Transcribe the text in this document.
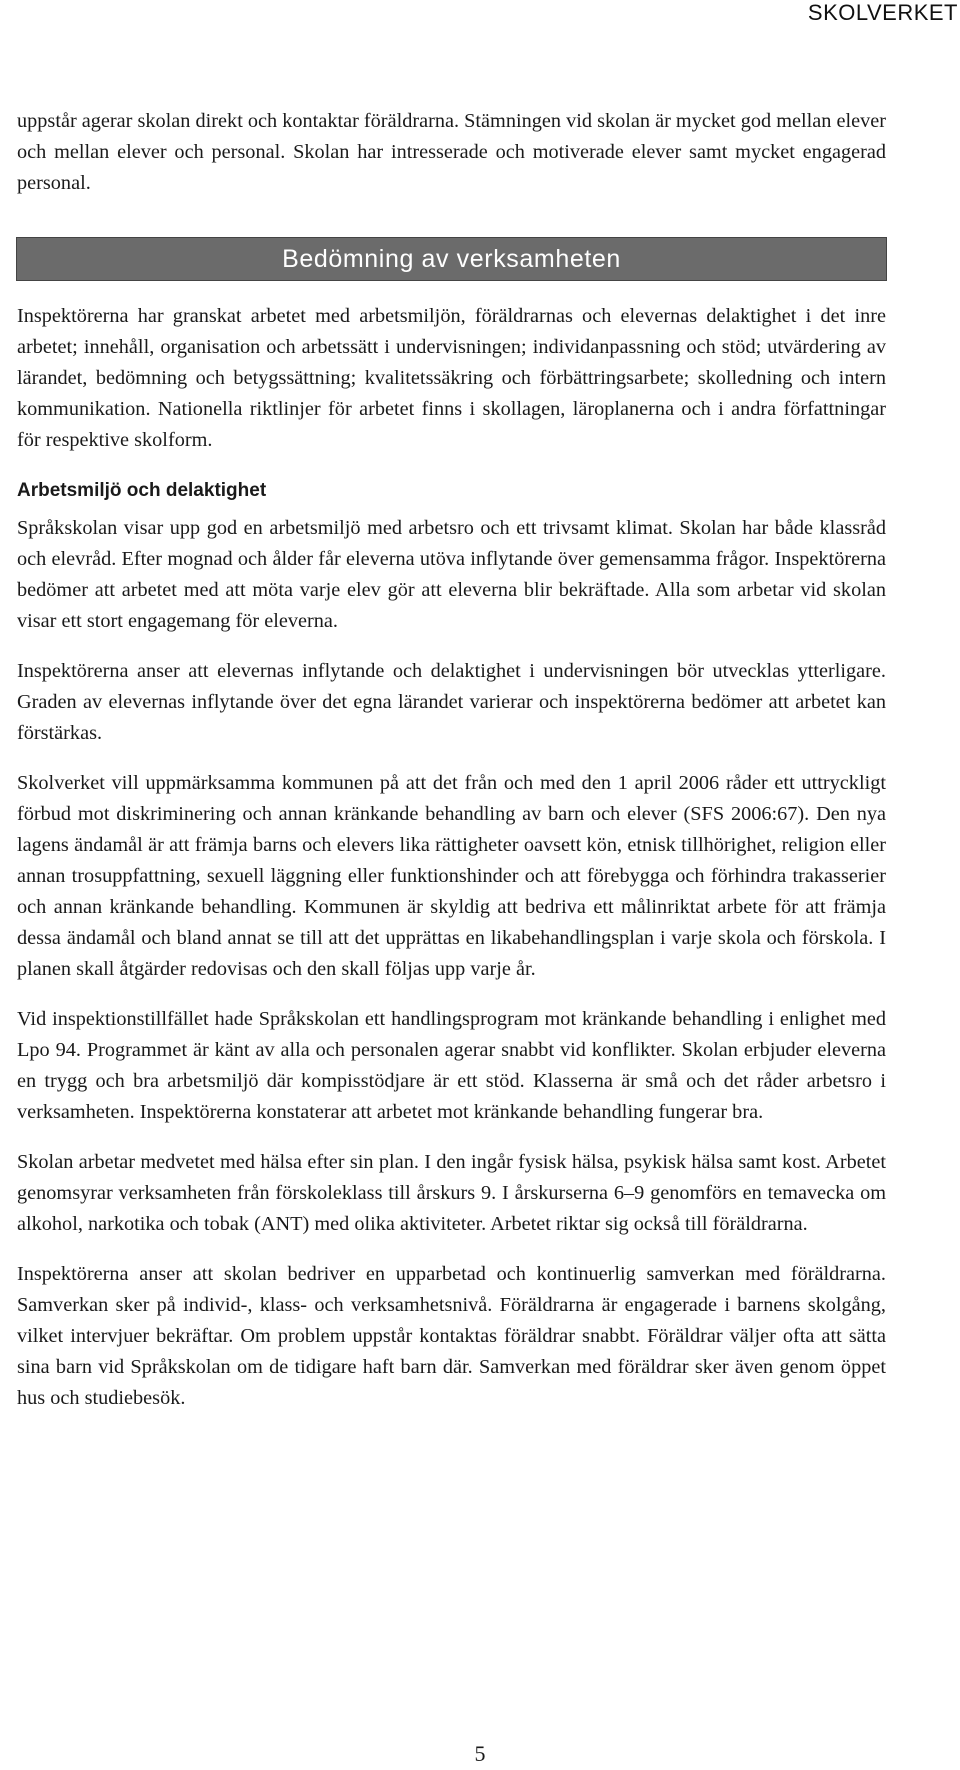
SKOLVERKET

uppstår agerar skolan direkt och kontaktar föräldrarna. Stämningen vid skolan är mycket god mellan elever och mellan elever och personal. Skolan har intresserade och motiverade elever samt mycket engagerad personal.

Bedömning av verksamheten

Inspektörerna har granskat arbetet med arbetsmiljön, föräldrarnas och elevernas delaktighet i det inre arbetet; innehåll, organisation och arbetssätt i undervisningen; individanpassning och stöd; utvärdering av lärandet, bedömning och betygssättning; kvalitetssäkring och förbättringsarbete; skolledning och intern kommunikation. Nationella riktlinjer för arbetet finns i skollagen, läroplanerna och i andra författningar för respektive skolform.

Arbetsmiljö och delaktighet

Språkskolan visar upp god en arbetsmiljö med arbetsro och ett trivsamt klimat. Skolan har både klassråd och elevråd. Efter mognad och ålder får eleverna utöva inflytande över gemensamma frågor. Inspektörerna bedömer att arbetet med att möta varje elev gör att eleverna blir bekräftade. Alla som arbetar vid skolan visar ett stort engagemang för eleverna.

Inspektörerna anser att elevernas inflytande och delaktighet i undervisningen bör utvecklas ytterligare. Graden av elevernas inflytande över det egna lärandet varierar och inspektörerna bedömer att arbetet kan förstärkas.

Skolverket vill uppmärksamma kommunen på att det från och med den 1 april 2006 råder ett uttryckligt förbud mot diskriminering och annan kränkande behandling av barn och elever (SFS 2006:67). Den nya lagens ändamål är att främja barns och elevers lika rättigheter oavsett kön, etnisk tillhörighet, religion eller annan trosuppfattning, sexuell läggning eller funktionshinder och att förebygga och förhindra trakasserier och annan kränkande behandling. Kommunen är skyldig att bedriva ett målinriktat arbete för att främja dessa ändamål och bland annat se till att det upprättas en likabehandlingsplan i varje skola och förskola. I planen skall åtgärder redovisas och den skall följas upp varje år.

Vid inspektionstillfället hade Språkskolan ett handlingsprogram mot kränkande behandling i enlighet med Lpo 94. Programmet är känt av alla och personalen agerar snabbt vid konflikter. Skolan erbjuder eleverna en trygg och bra arbetsmiljö där kompisstödjare är ett stöd. Klasserna är små och det råder arbetsro i verksamheten. Inspektörerna konstaterar att arbetet mot kränkande behandling fungerar bra.

Skolan arbetar medvetet med hälsa efter sin plan. I den ingår fysisk hälsa, psykisk hälsa samt kost. Arbetet genomsyrar verksamheten från förskoleklass till årskurs 9. I årskurserna 6–9 genomförs en temavecka om alkohol, narkotika och tobak (ANT) med olika aktiviteter. Arbetet riktar sig också till föräldrarna.

Inspektörerna anser att skolan bedriver en upparbetad och kontinuerlig samverkan med föräldrarna. Samverkan sker på individ-, klass- och verksamhetsnivå. Föräldrarna är engagerade i barnens skolgång, vilket intervjuer bekräftar. Om problem uppstår kontaktas föräldrar snabbt. Föräldrar väljer ofta att sätta sina barn vid Språkskolan om de tidigare haft barn där. Samverkan med föräldrar sker även genom öppet hus och studiebesök.

5
